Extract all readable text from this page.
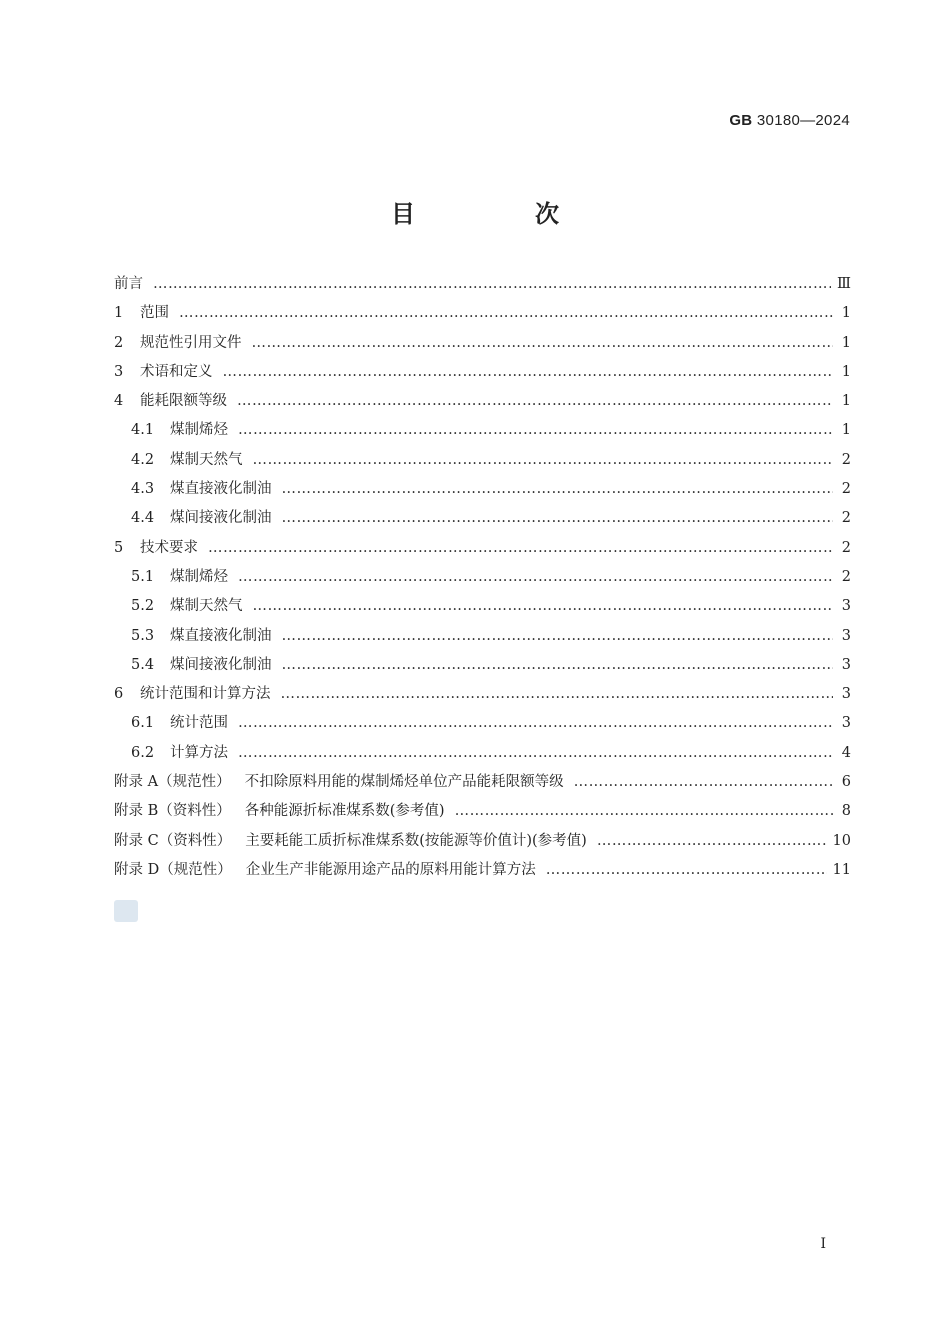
GB 30180—2024
目　次
前言 …………………………………………………………………………………………………………………………………………………………………………………………………………………	Ⅲ
1 范围 …………………………………………………………………………………………………………………………………………………………………………………………………………………	1
2 规范性引用文件 …………………………………………………………………………………………………………………………………………………………………………………………………………………	1
3 术语和定义 …………………………………………………………………………………………………………………………………………………………………………………………………………………	1
4 能耗限额等级 …………………………………………………………………………………………………………………………………………………………………………………………………………………	1
4.1 煤制烯烃 …………………………………………………………………………………………………………………………………………………………………………………………………………………	1
4.2 煤制天然气 …………………………………………………………………………………………………………………………………………………………………………………………………………………	2
4.3 煤直接液化制油 …………………………………………………………………………………………………………………………………………………………………………………………………………………	2
4.4 煤间接液化制油 …………………………………………………………………………………………………………………………………………………………………………………………………………………	2
5 技术要求 …………………………………………………………………………………………………………………………………………………………………………………………………………………	2
5.1 煤制烯烃 …………………………………………………………………………………………………………………………………………………………………………………………………………………	2
5.2 煤制天然气 …………………………………………………………………………………………………………………………………………………………………………………………………………………	3
5.3 煤直接液化制油 …………………………………………………………………………………………………………………………………………………………………………………………………………………	3
5.4 煤间接液化制油 …………………………………………………………………………………………………………………………………………………………………………………………………………………	3
6 统计范围和计算方法 …………………………………………………………………………………………………………………………………………………………………………………………………………………	3
6.1 统计范围 …………………………………………………………………………………………………………………………………………………………………………………………………………………	3
6.2 计算方法 …………………………………………………………………………………………………………………………………………………………………………………………………………………	4
附录 A（规范性） 不扣除原料用能的煤制烯烃单位产品能耗限额等级 …………………………………………………………………………………………………………………………………………………………………………………………………………………	6
附录 B（资料性） 各种能源折标准煤系数(参考值) …………………………………………………………………………………………………………………………………………………………………………………………………………………	8
附录 C（资料性） 主要耗能工质折标准煤系数(按能源等价值计)(参考值) …………………………………………………………………………………………………………………………………………………………………………………………………………………	10
附录 D（规范性） 企业生产非能源用途产品的原料用能计算方法 …………………………………………………………………………………………………………………………………………………………………………………………………………………	11
Ⅰ
